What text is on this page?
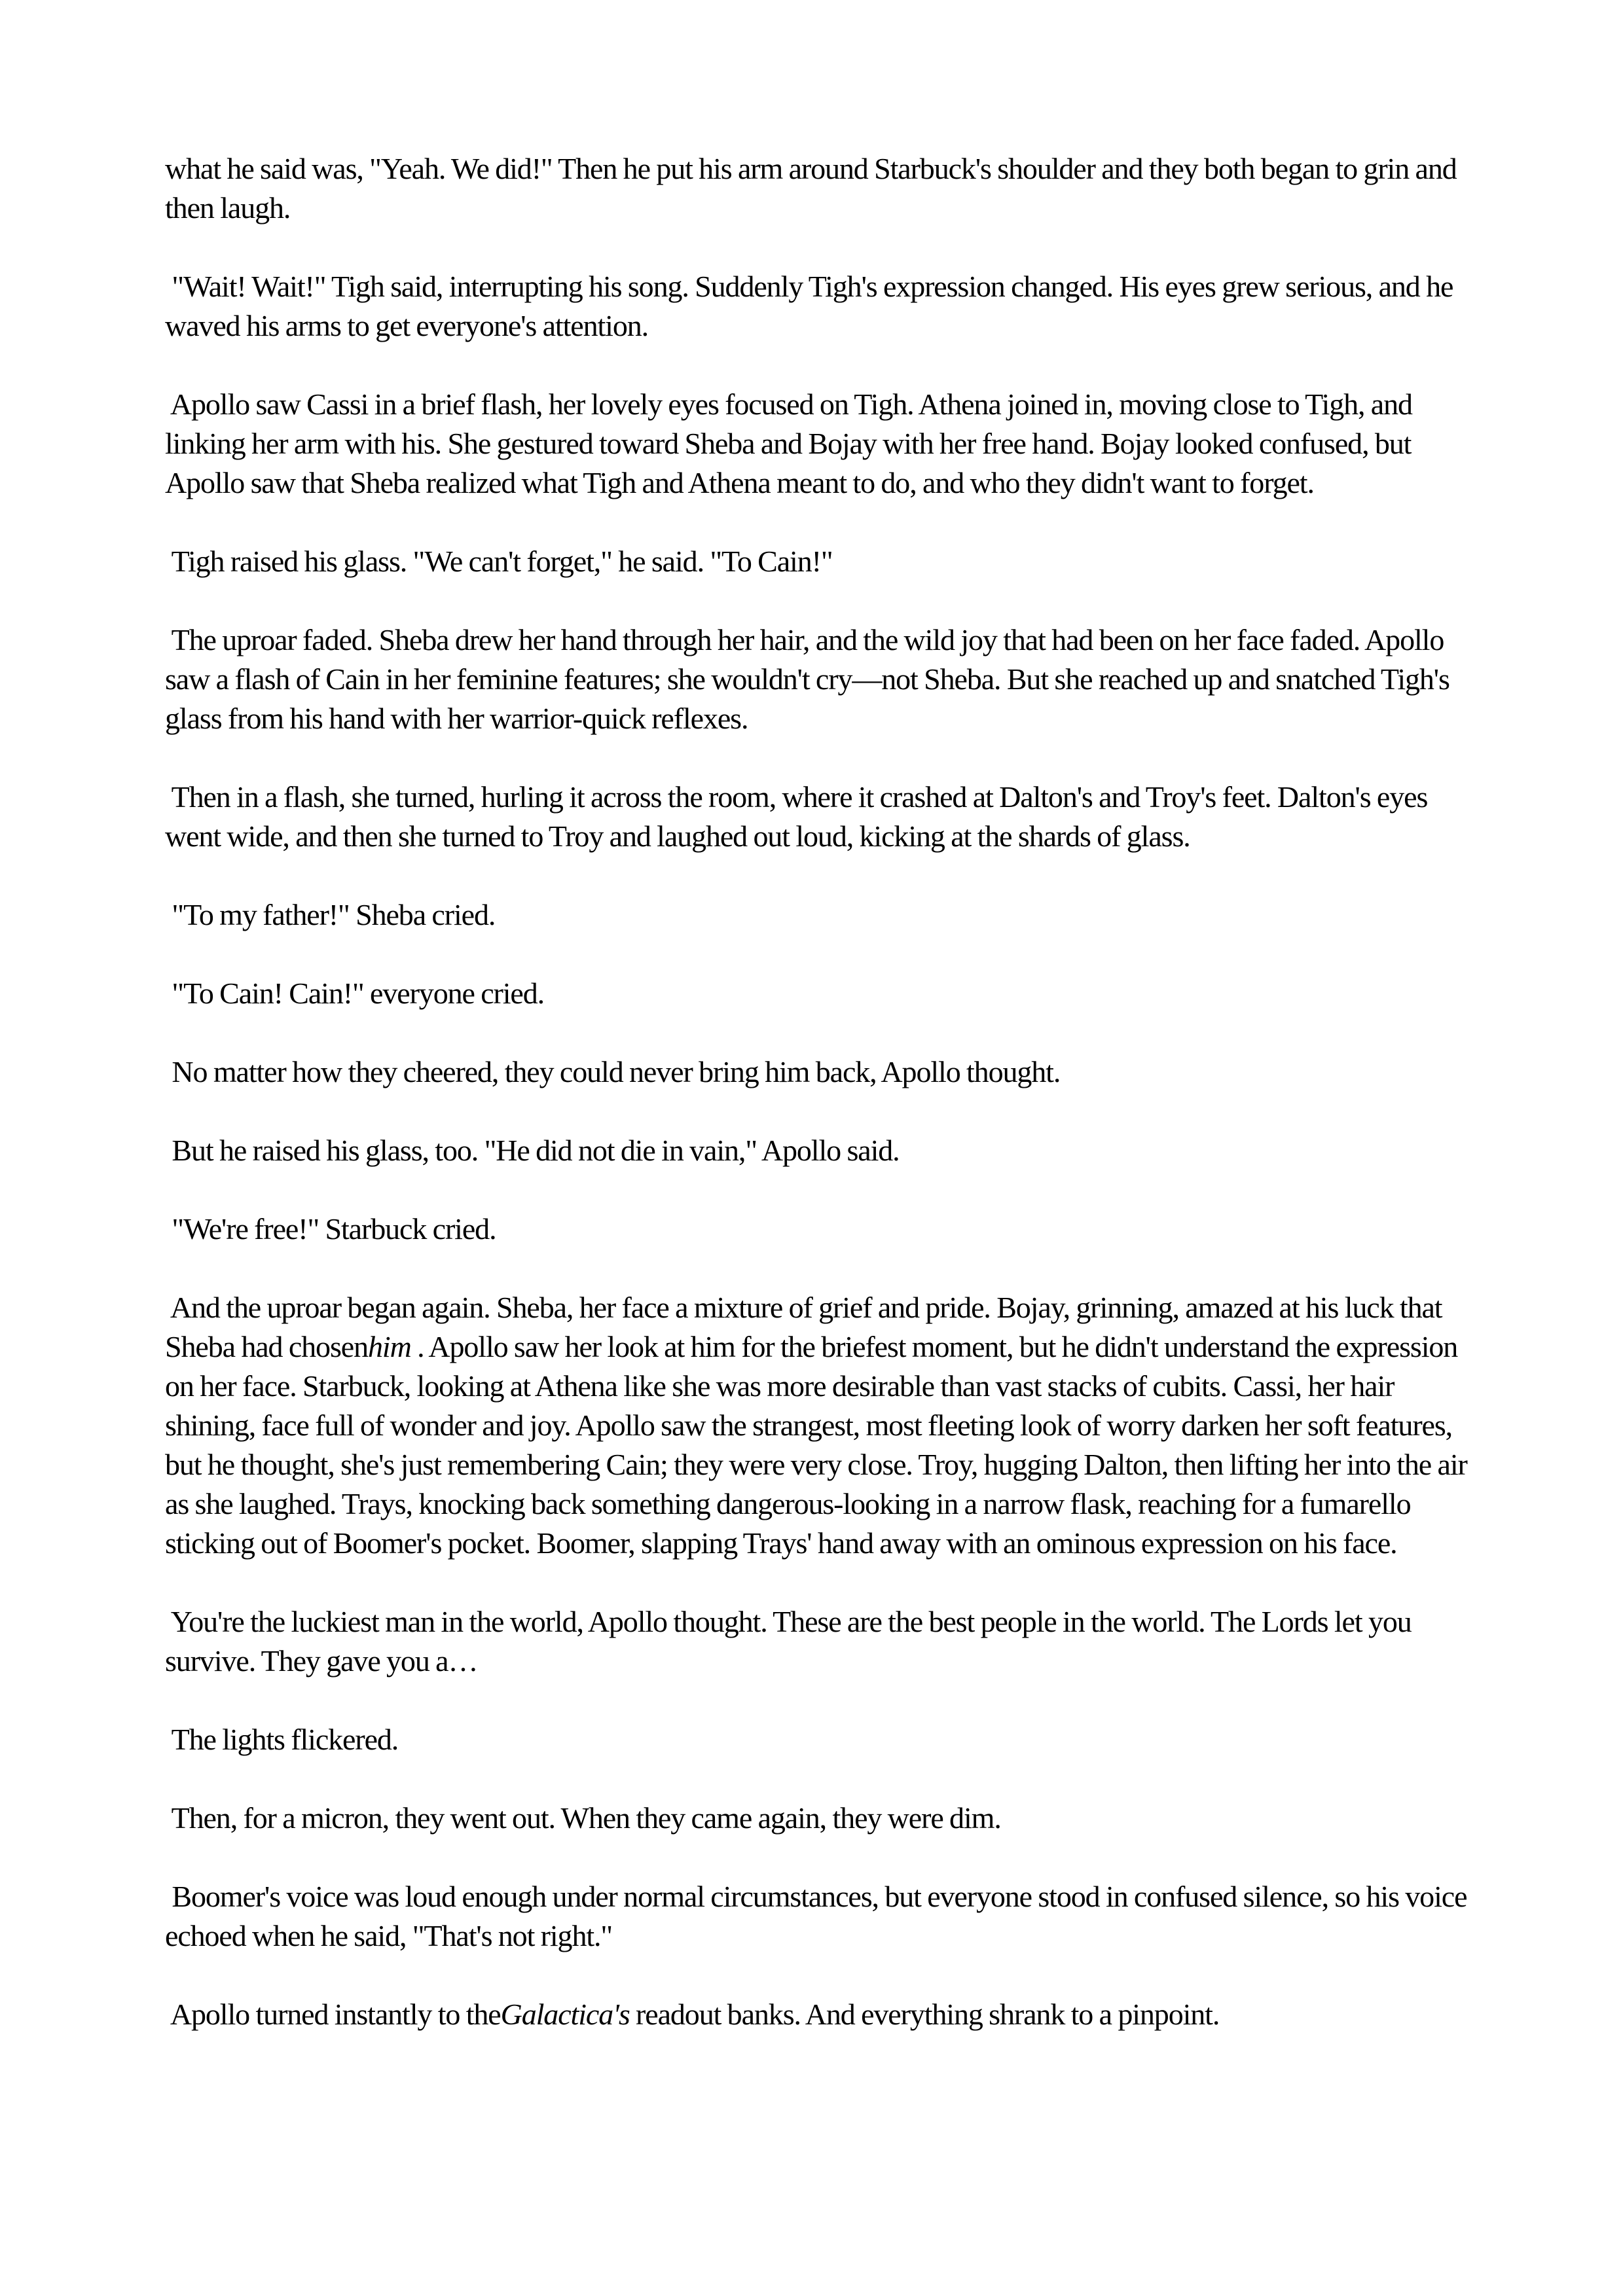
what he said was, "Yeah. We did!" Then he put his arm around Starbuck's shoulder and they both began to grin and then laugh.

"Wait! Wait!" Tigh said, interrupting his song. Suddenly Tigh's expression changed. His eyes grew serious, and he waved his arms to get everyone's attention.

Apollo saw Cassi in a brief flash, her lovely eyes focused on Tigh. Athena joined in, moving close to Tigh, and linking her arm with his. She gestured toward Sheba and Bojay with her free hand. Bojay looked confused, but Apollo saw that Sheba realized what Tigh and Athena meant to do, and who they didn't want to forget.

Tigh raised his glass. "We can't forget," he said. "To Cain!"

The uproar faded. Sheba drew her hand through her hair, and the wild joy that had been on her face faded. Apollo saw a flash of Cain in her feminine features; she wouldn't cry—not Sheba. But she reached up and snatched Tigh's glass from his hand with her warrior-quick reflexes.

Then in a flash, she turned, hurling it across the room, where it crashed at Dalton's and Troy's feet. Dalton's eyes went wide, and then she turned to Troy and laughed out loud, kicking at the shards of glass.

"To my father!" Sheba cried.

"To Cain! Cain!" everyone cried.

No matter how they cheered, they could never bring him back, Apollo thought.

But he raised his glass, too. "He did not die in vain," Apollo said.

"We're free!" Starbuck cried.

And the uproar began again. Sheba, her face a mixture of grief and pride. Bojay, grinning, amazed at his luck that Sheba had chosenhim . Apollo saw her look at him for the briefest moment, but he didn't understand the expression on her face. Starbuck, looking at Athena like she was more desirable than vast stacks of cubits. Cassi, her hair shining, face full of wonder and joy. Apollo saw the strangest, most fleeting look of worry darken her soft features, but he thought, she's just remembering Cain; they were very close. Troy, hugging Dalton, then lifting her into the air as she laughed. Trays, knocking back something dangerous-looking in a narrow flask, reaching for a fumarello sticking out of Boomer's pocket. Boomer, slapping Trays' hand away with an ominous expression on his face.

You're the luckiest man in the world, Apollo thought. These are the best people in the world. The Lords let you survive. They gave you a…

The lights flickered.

Then, for a micron, they went out. When they came again, they were dim.

Boomer's voice was loud enough under normal circumstances, but everyone stood in confused silence, so his voice echoed when he said, "That's not right."

Apollo turned instantly to theGalactica's readout banks. And everything shrank to a pinpoint.
